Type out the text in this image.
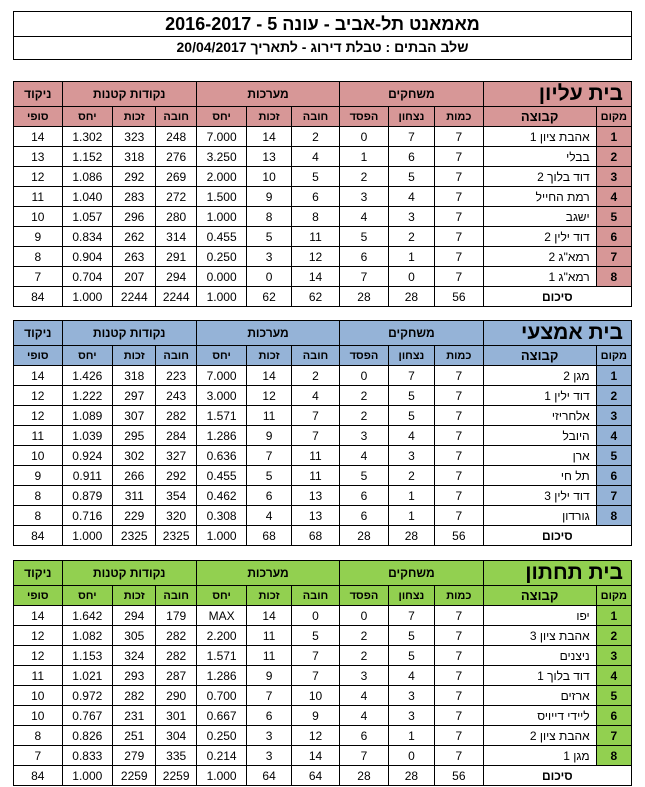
מאמאנט תל-אביב - עונה 5 - 2016-2017
שלב הבתים : טבלת דירוג - לתאריך 20/04/2017
בית עליון		משחקים			מערכות			נקודות קטנות			ניקוד
מקום	קבוצה	כמות	נצחון	הפסד	חובה	זכות	יחס	חובה	זכות	יחס	סופי
1	אהבת ציון 1	7	7	0	2	14	7.000	248	323	1.302	14
2	בבלי	7	6	1	4	13	3.250	276	318	1.152	13
3	דוד בלוך 2	7	5	2	5	10	2.000	269	292	1.086	12
4	רמת החייל	7	4	3	6	9	1.500	272	283	1.040	11
5	ישגב	7	3	4	8	8	1.000	280	296	1.057	10
6	דוד ילין 2	7	2	5	11	5	0.455	314	262	0.834	9
7	רמא"ג 2	7	1	6	12	3	0.250	291	263	0.904	8
8	רמא"ג 1	7	0	7	14	0	0.000	294	207	0.704	7
סיכום		56	28	28	62	62	1.000	2244	2244	1.000	84
בית אמצעי		משחקים			מערכות			נקודות קטנות			ניקוד
מקום	קבוצה	כמות	נצחון	הפסד	חובה	זכות	יחס	חובה	זכות	יחס	סופי
1	מגן 2	7	7	0	2	14	7.000	223	318	1.426	14
2	דוד ילין 1	7	5	2	4	12	3.000	243	297	1.222	12
3	אלחריזי	7	5	2	7	11	1.571	282	307	1.089	12
4	היובל	7	4	3	7	9	1.286	284	295	1.039	11
5	ארן	7	3	4	11	7	0.636	327	302	0.924	10
6	תל חי	7	2	5	11	5	0.455	292	266	0.911	9
7	דוד ילין 3	7	1	6	13	6	0.462	354	311	0.879	8
8	גורדון	7	1	6	13	4	0.308	320	229	0.716	8
סיכום		56	28	28	68	68	1.000	2325	2325	1.000	84
בית תחתון		משחקים			מערכות			נקודות קטנות			ניקוד
מקום	קבוצה	כמות	נצחון	הפסד	חובה	זכות	יחס	חובה	זכות	יחס	סופי
1	יפו	7	7	0	0	14	MAX	179	294	1.642	14
2	אהבת ציון 3	7	5	2	5	11	2.200	282	305	1.082	12
3	ניצנים	7	5	2	7	11	1.571	282	324	1.153	12
4	דוד בלוך 1	7	4	3	7	9	1.286	287	293	1.021	11
5	ארזים	7	3	4	10	7	0.700	290	282	0.972	10
6	ליידי דייויס	7	3	4	9	6	0.667	301	231	0.767	10
7	אהבת ציון 2	7	1	6	12	3	0.250	304	251	0.826	8
8	מגן 1	7	0	7	14	3	0.214	335	279	0.833	7
סיכום		56	28	28	64	64	1.000	2259	2259	1.000	84
